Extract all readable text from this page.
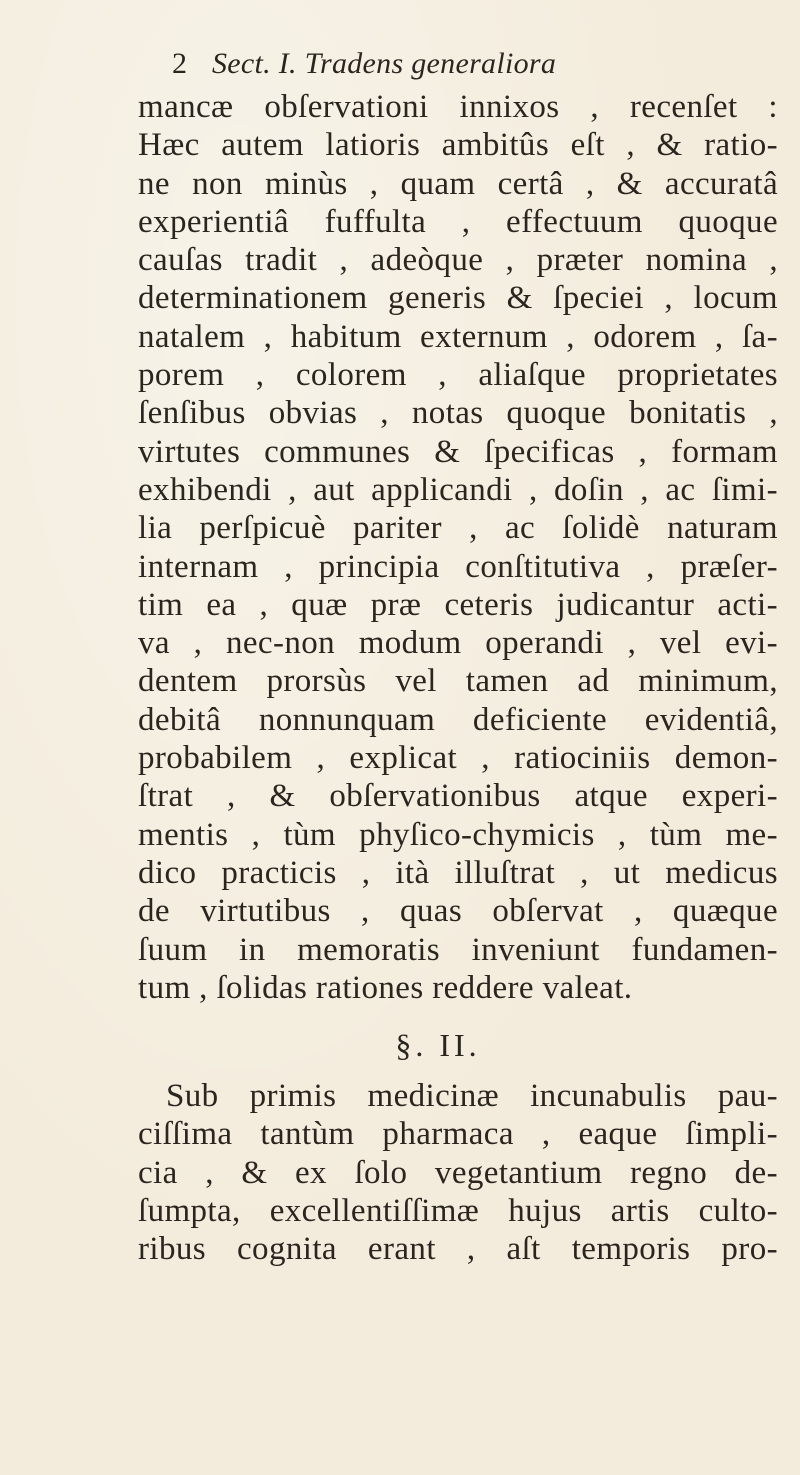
2 Sect. I. Tradens generaliora
mancæ obſervationi innixos , recenſet :
Hæc autem latioris ambitûs eſt , & ratio-
ne non minùs , quam certâ , & accuratâ
experientiâ fuffulta , effectuum quoque
cauſas tradit , adeòque , præter nomina ,
determinationem generis & ſpeciei , locum
natalem , habitum externum , odorem , ſa-
porem , colorem , aliaſque proprietates
ſenſibus obvias , notas quoque bonitatis ,
virtutes communes & ſpecificas , formam
exhibendi , aut applicandi , doſin , ac ſimi-
lia perſpicuè pariter , ac ſolidè naturam
internam , principia conſtitutiva , præſer-
tim ea , quæ præ ceteris judicantur acti-
va , nec-non modum operandi , vel evi-
dentem prorsùs vel tamen ad minimum,
debitâ nonnunquam deficiente evidentiâ,
probabilem , explicat , ratiociniis demon-
ſtrat , & obſervationibus atque experi-
mentis , tùm phyſico-chymicis , tùm me-
dico practicis , ità illuſtrat , ut medicus
de virtutibus , quas obſervat , quæque
ſuum in memoratis inveniunt fundamen-
tum , ſolidas rationes reddere valeat.
§. II.
Sub primis medicinæ incunabulis pau-
ciſſima tantùm pharmaca , eaque ſimpli-
cia , & ex ſolo vegetantium regno de-
ſumpta, excellentiſſimæ hujus artis culto-
ribus cognita erant , aſt temporis pro-
